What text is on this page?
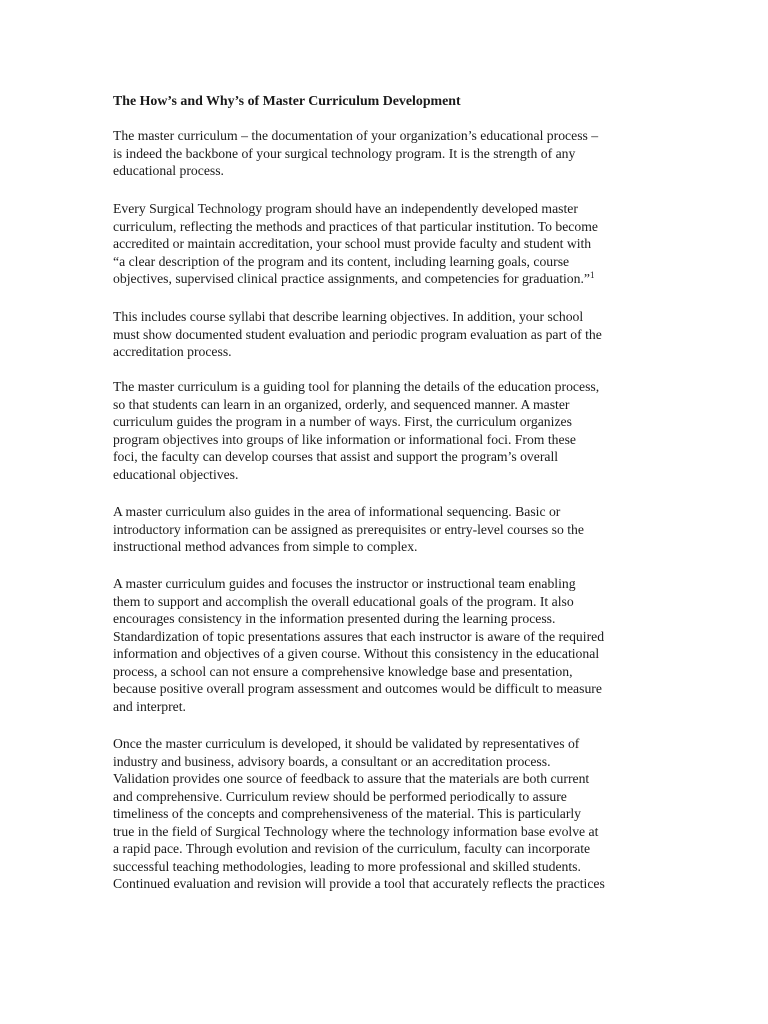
The How’s and Why’s of Master Curriculum Development

The master curriculum – the documentation of your organization’s educational process –
is indeed the backbone of your surgical technology program. It is the strength of any
educational process.

Every Surgical Technology program should have an independently developed master
curriculum, reflecting the methods and practices of that particular institution. To become
accredited or maintain accreditation, your school must provide faculty and student with
“a clear description of the program and its content, including learning goals, course
objectives, supervised clinical practice assignments, and competencies for graduation.”$^1$

This includes course syllabi that describe learning objectives. In addition, your school
must show documented student evaluation and periodic program evaluation as part of the
accreditation process.

The master curriculum is a guiding tool for planning the details of the education process,
so that students can learn in an organized, orderly, and sequenced manner. A master
curriculum guides the program in a number of ways. First, the curriculum organizes
program objectives into groups of like information or informational foci. From these
foci, the faculty can develop courses that assist and support the program’s overall
educational objectives.

A master curriculum also guides in the area of informational sequencing. Basic or
introductory information can be assigned as prerequisites or entry-level courses so the
instructional method advances from simple to complex.

A master curriculum guides and focuses the instructor or instructional team enabling
them to support and accomplish the overall educational goals of the program. It also
encourages consistency in the information presented during the learning process.
Standardization of topic presentations assures that each instructor is aware of the required
information and objectives of a given course. Without this consistency in the educational
process, a school can not ensure a comprehensive knowledge base and presentation,
because positive overall program assessment and outcomes would be difficult to measure
and interpret.

Once the master curriculum is developed, it should be validated by representatives of
industry and business, advisory boards, a consultant or an accreditation process.
Validation provides one source of feedback to assure that the materials are both current
and comprehensive. Curriculum review should be performed periodically to assure
timeliness of the concepts and comprehensiveness of the material. This is particularly
true in the field of Surgical Technology where the technology information base evolve at
a rapid pace. Through evolution and revision of the curriculum, faculty can incorporate
successful teaching methodologies, leading to more professional and skilled students.
Continued evaluation and revision will provide a tool that accurately reflects the practices
